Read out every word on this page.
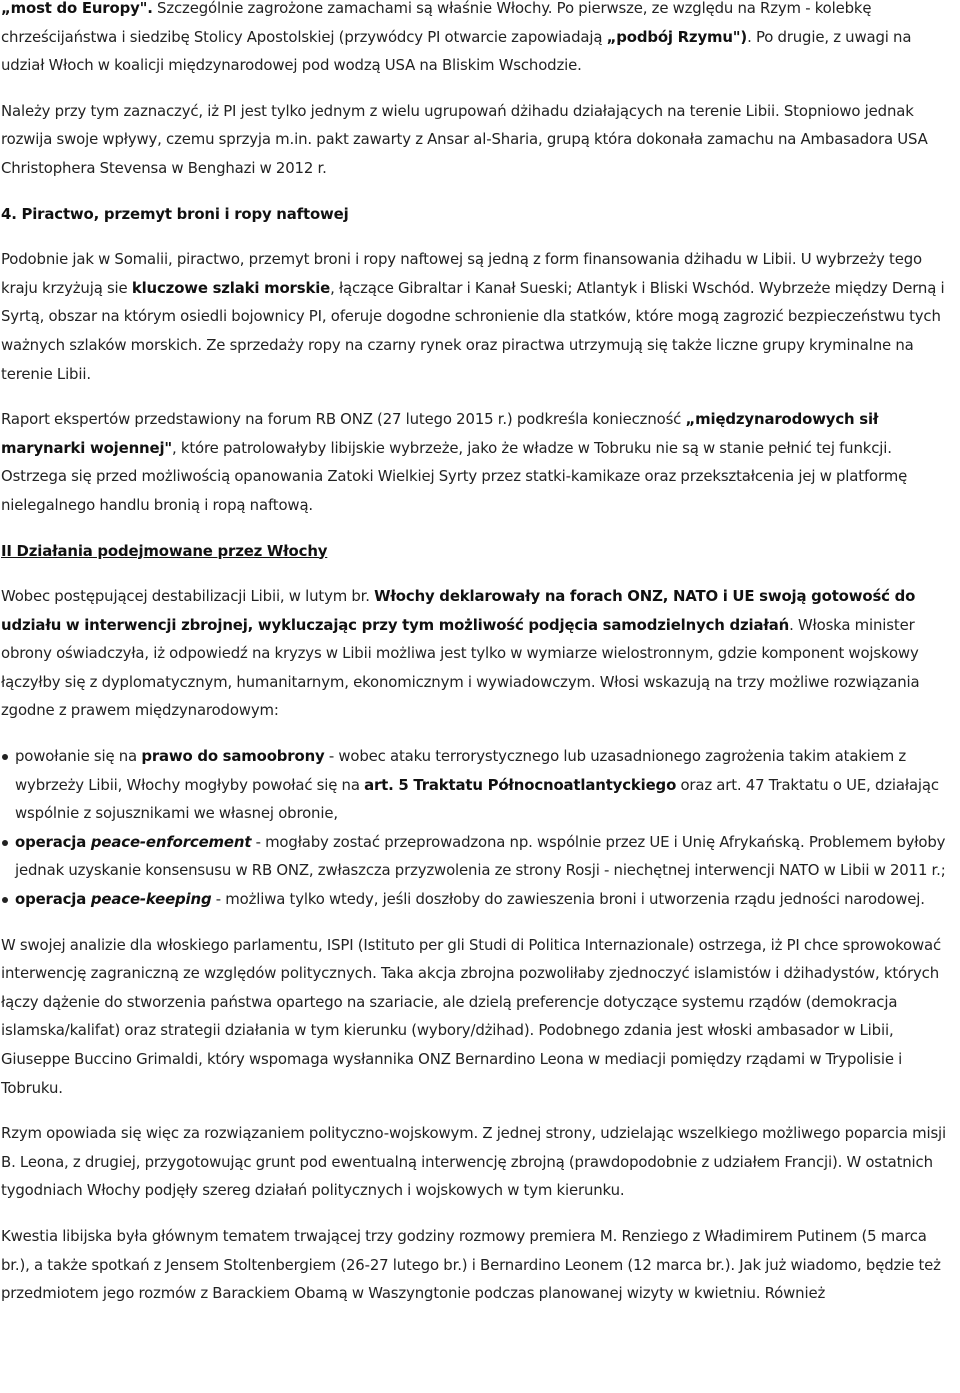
„most do Europy". Szczególnie zagrożone zamachami są właśnie Włochy. Po pierwsze, ze względu na Rzym - kolebkę chrześcijaństwa i siedzibę Stolicy Apostolskiej (przywódcy PI otwarcie zapowiadają „podbój Rzymu"). Po drugie, z uwagi na udział Włoch w koalicji międzynarodowej pod wodzą USA na Bliskim Wschodzie.

Należy przy tym zaznaczyć, iż PI jest tylko jednym z wielu ugrupowań dżihadu działających na terenie Libii. Stopniowo jednak rozwija swoje wpływy, czemu sprzyja m.in. pakt zawarty z Ansar al-Sharia, grupą która dokonała zamachu na Ambasadora USA Christophera Stevensa w Benghazi w 2012 r.

4. Piractwo, przemyt broni i ropy naftowej

Podobnie jak w Somalii, piractwo, przemyt broni i ropy naftowej są jedną z form finansowania dżihadu w Libii. U wybrzeży tego kraju krzyżują sie kluczowe szlaki morskie, łączące Gibraltar i Kanał Sueski; Atlantyk i Bliski Wschód. Wybrzeże między Derną i Syrtą, obszar na którym osiedli bojownicy PI, oferuje dogodne schronienie dla statków, które mogą zagrozić bezpieczeństwu tych ważnych szlaków morskich. Ze sprzedaży ropy na czarny rynek oraz piractwa utrzymują się także liczne grupy kryminalne na terenie Libii.

Raport ekspertów przedstawiony na forum RB ONZ (27 lutego 2015 r.) podkreśla konieczność „międzynarodowych sił marynarki wojennej", które patrolowałyby libijskie wybrzeże, jako że władze w Tobruku nie są w stanie pełnić tej funkcji. Ostrzega się przed możliwością opanowania Zatoki Wielkiej Syrty przez statki-kamikaze oraz przekształcenia jej w platformę nielegalnego handlu bronią i ropą naftową.

II Działania podejmowane przez Włochy

Wobec postępującej destabilizacji Libii, w lutym br. Włochy deklarowały na forach ONZ, NATO i UE swoją gotowość do udziału w interwencji zbrojnej, wykluczając przy tym możliwość podjęcia samodzielnych działań. Włoska minister obrony oświadczyła, iż odpowiedź na kryzys w Libii możliwa jest tylko w wymiarze wielostronnym, gdzie komponent wojskowy łączyłby się z dyplomatycznym, humanitarnym, ekonomicznym i wywiadowczym. Włosi wskazują na trzy możliwe rozwiązania zgodne z prawem międzynarodowym:

powołanie się na prawo do samoobrony - wobec ataku terrorystycznego lub uzasadnionego zagrożenia takim atakiem z wybrzeży Libii, Włochy mogłyby powołać się na art. 5 Traktatu Północnoatlantyckiego oraz art. 47 Traktatu o UE, działając wspólnie z sojusznikami we własnej obronie,
operacja peace-enforcement - mogłaby zostać przeprowadzona np. wspólnie przez UE i Unię Afrykańską. Problemem byłoby jednak uzyskanie konsensusu w RB ONZ, zwłaszcza przyzwolenia ze strony Rosji - niechętnej interwencji NATO w Libii w 2011 r.;
operacja peace-keeping - możliwa tylko wtedy, jeśli doszłoby do zawieszenia broni i utworzenia rządu jedności narodowej.

W swojej analizie dla włoskiego parlamentu, ISPI (Istituto per gli Studi di Politica Internazionale) ostrzega, iż PI chce sprowokować interwencję zagraniczną ze względów politycznych. Taka akcja zbrojna pozwoliłaby zjednoczyć islamistów i dżihadystów, których łączy dążenie do stworzenia państwa opartego na szariacie, ale dzielą preferencje dotyczące systemu rządów (demokracja islamska/kalifat) oraz strategii działania w tym kierunku (wybory/dżihad). Podobnego zdania jest włoski ambasador w Libii, Giuseppe Buccino Grimaldi, który wspomaga wysłannika ONZ Bernardino Leona w mediacji pomiędzy rządami w Trypolisie i Tobruku.

Rzym opowiada się więc za rozwiązaniem polityczno-wojskowym. Z jednej strony, udzielając wszelkiego możliwego poparcia misji B. Leona, z drugiej, przygotowując grunt pod ewentualną interwencję zbrojną (prawdopodobnie z udziałem Francji). W ostatnich tygodniach Włochy podjęły szereg działań politycznych i wojskowych w tym kierunku.

Kwestia libijska była głównym tematem trwającej trzy godziny rozmowy premiera M. Renziego z Władimirem Putinem (5 marca br.), a także spotkań z Jensem Stoltenbergiem (26-27 lutego br.) i Bernardino Leonem (12 marca br.). Jak już wiadomo, będzie też przedmiotem jego rozmów z Barackiem Obamą w Waszyngtonie podczas planowanej wizyty w kwietniu. Również
